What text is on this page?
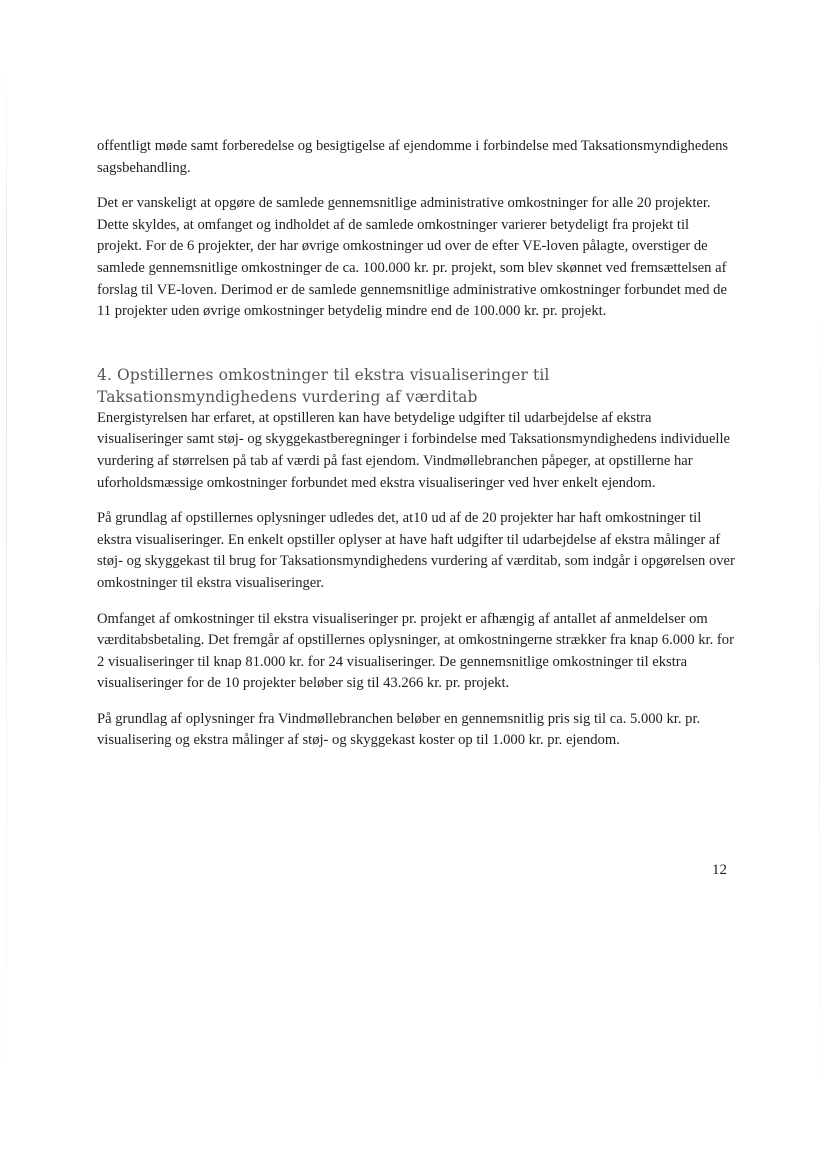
offentligt møde samt forberedelse og besigtigelse af ejendomme i forbindelse med Taksationsmyndighedens sagsbehandling.

Det er vanskeligt at opgøre de samlede gennemsnitlige administrative omkostninger for alle 20 projekter. Dette skyldes, at omfanget og indholdet af de samlede omkostninger varierer betydeligt fra projekt til projekt. For de 6 projekter, der har øvrige omkostninger ud over de efter VE-loven pålagte, overstiger de samlede gennemsnitlige omkostninger de ca. 100.000 kr. pr. projekt, som blev skønnet ved fremsættelsen af forslag til VE-loven. Derimod er de samlede gennemsnitlige administrative omkostninger forbundet med de 11 projekter uden øvrige omkostninger betydelig mindre end de 100.000 kr. pr. projekt.

4. Opstillernes omkostninger til ekstra visualiseringer til Taksationsmyndighedens vurdering af værditab

Energistyrelsen har erfaret, at opstilleren kan have betydelige udgifter til udarbejdelse af ekstra visualiseringer samt støj- og skyggekastberegninger i forbindelse med Taksationsmyndighedens individuelle vurdering af størrelsen på tab af værdi på fast ejendom. Vindmøllebranchen påpeger, at opstillerne har uforholdsmæssige omkostninger forbundet med ekstra visualiseringer ved hver enkelt ejendom.

På grundlag af opstillernes oplysninger udledes det, at10 ud af de 20 projekter har haft omkostninger til ekstra visualiseringer. En enkelt opstiller oplyser at have haft udgifter til udarbejdelse af ekstra målinger af støj- og skyggekast til brug for Taksationsmyndighedens vurdering af værditab, som indgår i opgørelsen over omkostninger til ekstra visualiseringer.

Omfanget af omkostninger til ekstra visualiseringer pr. projekt er afhængig af antallet af anmeldelser om værditabsbetaling. Det fremgår af opstillernes oplysninger, at omkostningerne strækker fra knap 6.000 kr. for 2 visualiseringer til knap 81.000 kr. for 24 visualiseringer. De gennemsnitlige omkostninger til ekstra visualiseringer for de 10 projekter beløber sig til 43.266 kr. pr. projekt.

På grundlag af oplysninger fra Vindmøllebranchen beløber en gennemsnitlig pris sig til ca. 5.000 kr. pr. visualisering og ekstra målinger af støj- og skyggekast koster op til 1.000 kr. pr. ejendom.

12
